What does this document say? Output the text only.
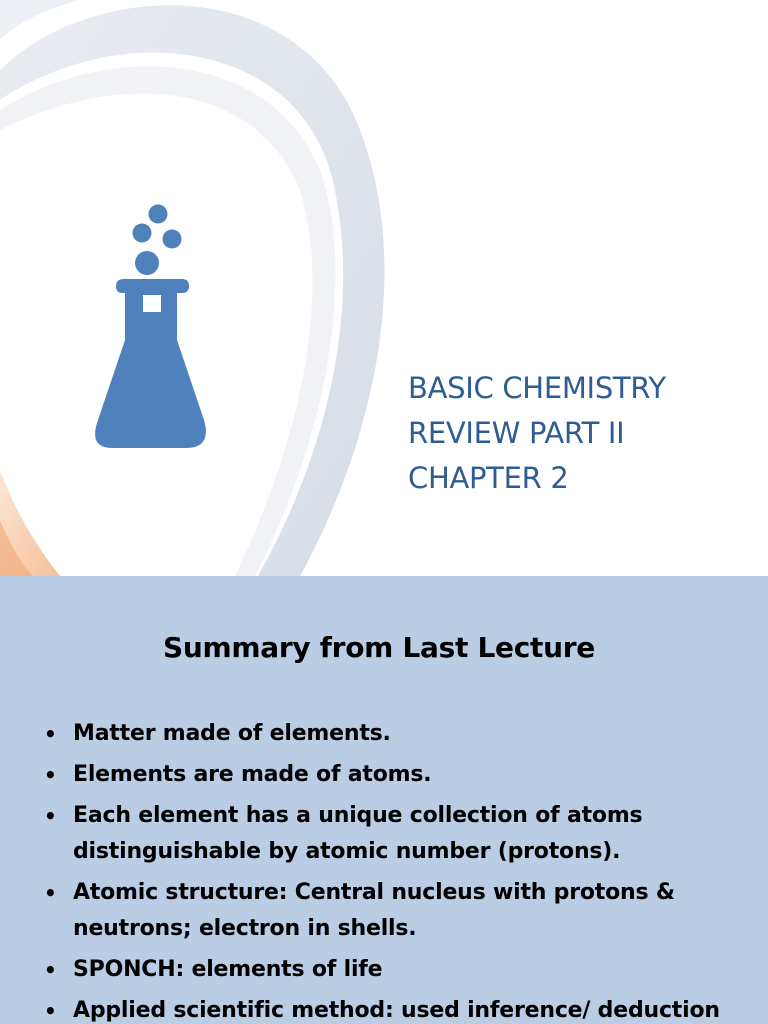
BASIC CHEMISTRY
REVIEW PART II
CHAPTER 2
Summary from Last Lecture
• Matter made of elements.
• Elements are made of atoms.
• Each element has a unique collection of atoms distinguishable by atomic number (protons).
• Atomic structure: Central nucleus with protons & neutrons; electron in shells.
• SPONCH: elements of life
• Applied scientific method: used inference/ deduction
